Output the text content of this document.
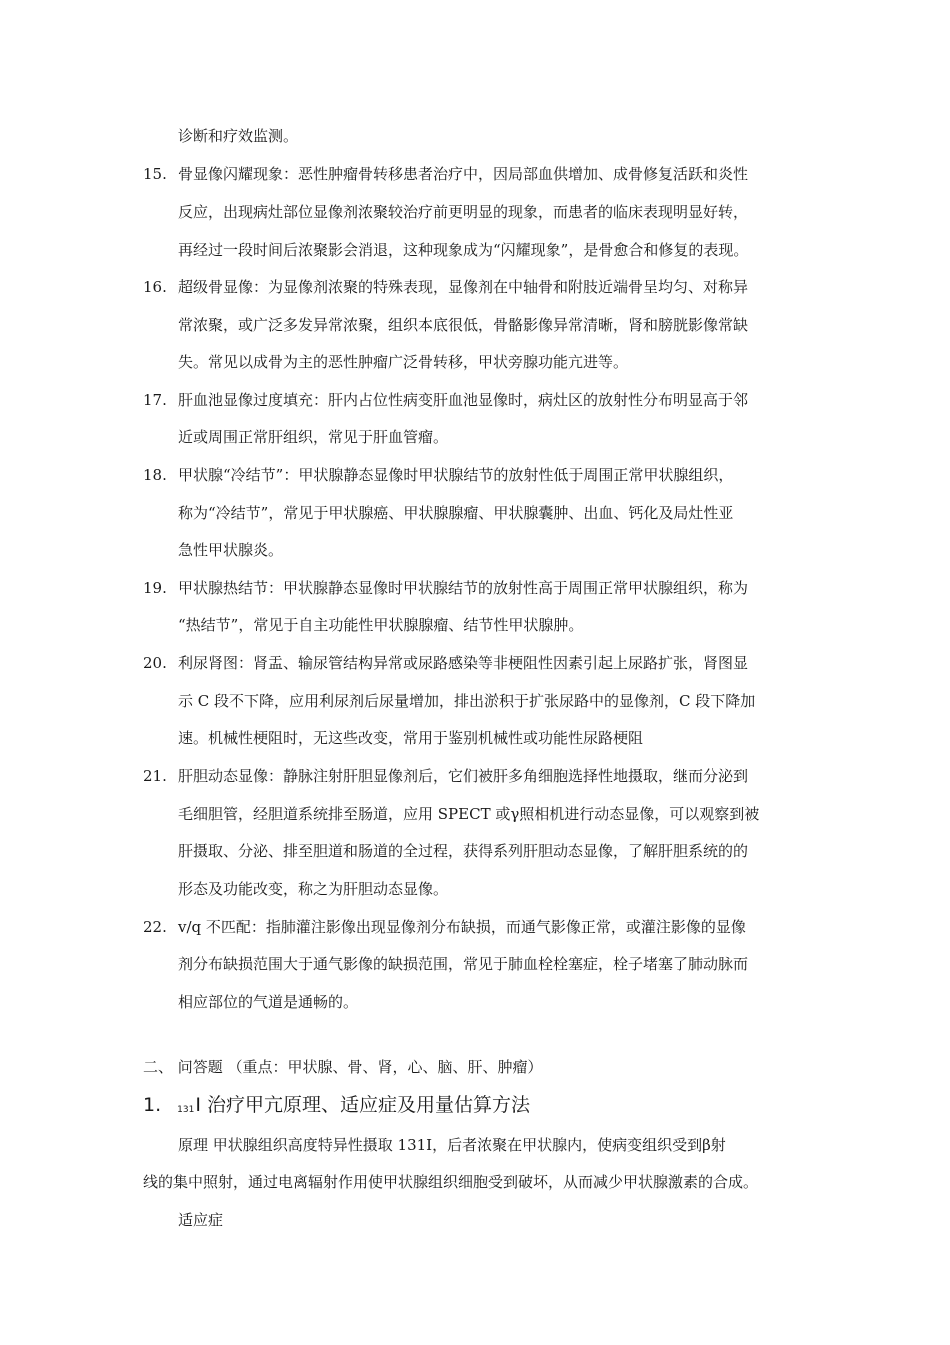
诊断和疗效监测。
15. 骨显像闪耀现象：恶性肿瘤骨转移患者治疗中，因局部血供增加、成骨修复活跃和炎性
反应，出现病灶部位显像剂浓聚较治疗前更明显的现象，而患者的临床表现明显好转，
再经过一段时间后浓聚影会消退，这种现象成为“闪耀现象”，是骨愈合和修复的表现。
16. 超级骨显像：为显像剂浓聚的特殊表现，显像剂在中轴骨和附肢近端骨呈均匀、对称异
常浓聚，或广泛多发异常浓聚，组织本底很低，骨骼影像异常清晰，肾和膀胱影像常缺
失。常见以成骨为主的恶性肿瘤广泛骨转移，甲状旁腺功能亢进等。
17. 肝血池显像过度填充：肝内占位性病变肝血池显像时，病灶区的放射性分布明显高于邻
近或周围正常肝组织，常见于肝血管瘤。
18. 甲状腺“冷结节”：甲状腺静态显像时甲状腺结节的放射性低于周围正常甲状腺组织，
称为“冷结节”，常见于甲状腺癌、甲状腺腺瘤、甲状腺囊肿、出血、钙化及局灶性亚
急性甲状腺炎。
19. 甲状腺热结节：甲状腺静态显像时甲状腺结节的放射性高于周围正常甲状腺组织，称为
“热结节”，常见于自主功能性甲状腺腺瘤、结节性甲状腺肿。
20. 利尿肾图：肾盂、输尿管结构异常或尿路感染等非梗阻性因素引起上尿路扩张，肾图显
示 C 段不下降，应用利尿剂后尿量增加，排出淤积于扩张尿路中的显像剂，C 段下降加
速。机械性梗阻时，无这些改变，常用于鉴别机械性或功能性尿路梗阻
21. 肝胆动态显像：静脉注射肝胆显像剂后，它们被肝多角细胞选择性地摄取，继而分泌到
毛细胆管，经胆道系统排至肠道，应用 SPECT 或γ照相机进行动态显像，可以观察到被
肝摄取、分泌、排至胆道和肠道的全过程，获得系列肝胆动态显像，了解肝胆系统的的
形态及功能改变，称之为肝胆动态显像。
22. v/q 不匹配：指肺灌注影像出现显像剂分布缺损，而通气影像正常，或灌注影像的显像
剂分布缺损范围大于通气影像的缺损范围，常见于肺血栓栓塞症，栓子堵塞了肺动脉而
相应部位的气道是通畅的。
二、 问答题 （重点：甲状腺、骨、肾，心、脑、肝、肿瘤）
1. 131I 治疗甲亢原理、适应症及用量估算方法
原理 甲状腺组织高度特异性摄取 131I，后者浓聚在甲状腺内，使病变组织受到β射
线的集中照射，通过电离辐射作用使甲状腺组织细胞受到破坏，从而减少甲状腺激素的合成。
适应症
